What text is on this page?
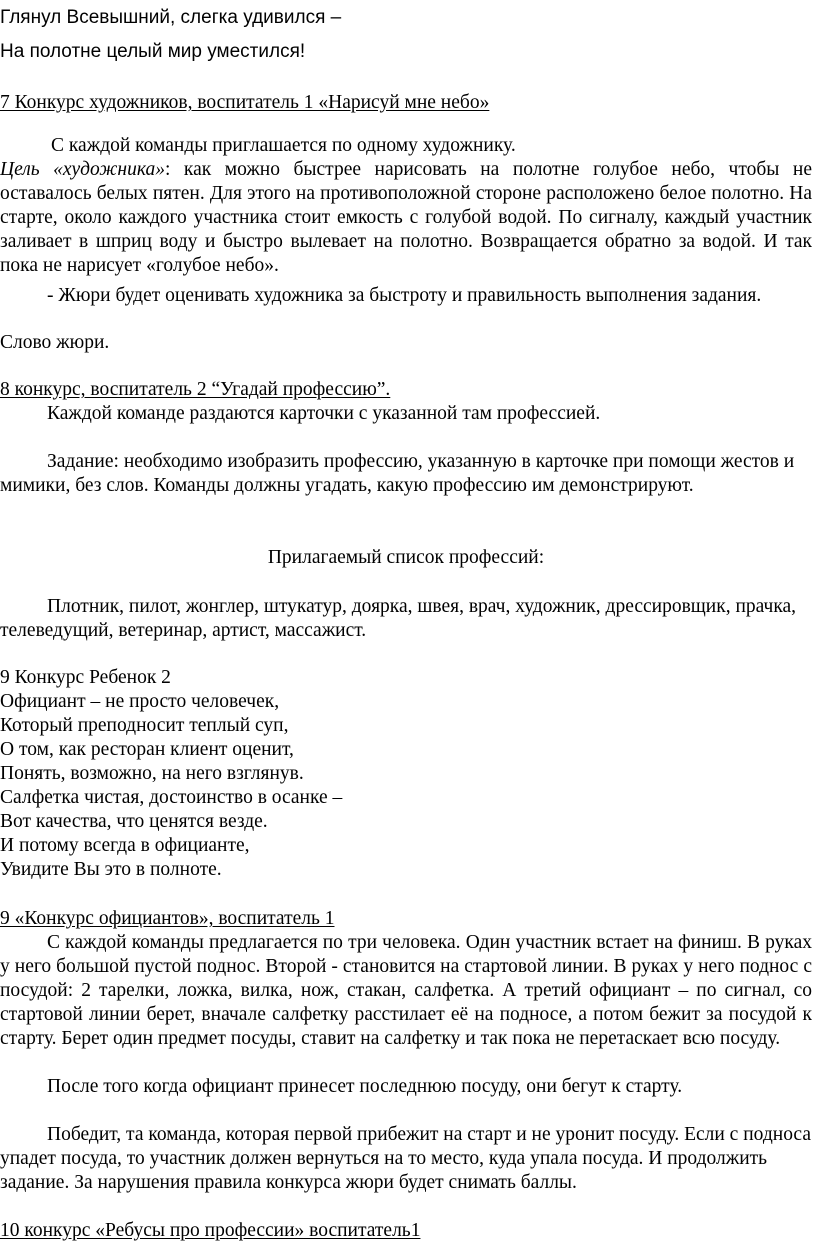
Глянул Всевышний, слегка удивился –
На полотне целый мир уместился!
7 Конкурс художников, воспитатель 1 «Нарисуй мне небо»
С каждой команды приглашается по одному художнику.

Цель «художника»: как можно быстрее нарисовать на полотне голубое небо, чтобы не оставалось белых пятен. Для этого на противоположной стороне расположено белое полотно. На старте, около каждого участника стоит емкость с голубой водой. По сигналу, каждый участник заливает в шприц воду и быстро вылевает на полотно. Возвращается обратно за водой. И так пока не нарисует «голубое небо».

- Жюри будет оценивать художника за быстроту и правильность выполнения задания.
Слово жюри.
8 конкурс, воспитатель 2 “Угадай профессию”.
Каждой команде раздаются карточки с указанной там профессией.

Задание: необходимо изобразить профессию, указанную в карточке при помощи жестов и мимики, без слов. Команды должны угадать, какую профессию им демонстрируют.

Прилагаемый список профессий:

Плотник, пилот, жонглер, штукатур, доярка, швея, врач, художник, дрессировщик, прачка, телеведущий, ветеринар, артист, массажист.

9 Конкурс Ребенок 2
Официант – не просто человечек,
Который преподносит теплый суп,
О том, как ресторан клиент оценит,
Понять, возможно, на него взглянув.
Салфетка чистая, достоинство в осанке –
Вот качества, что ценятся везде.
И потому всегда в официанте,
Увидите Вы это в полноте.
9 «Конкурс официантов», воспитатель 1

С каждой команды предлагается по три человека. Один участник встает на финиш. В руках у него большой пустой поднос. Второй - становится на стартовой линии. В руках у него поднос с посудой: 2 тарелки, ложка, вилка, нож, стакан, салфетка. А третий официант – по сигнал, со стартовой линии берет, вначале салфетку расстилает её на подносе, а потом бежит за посудой к старту. Берет один предмет посуды, ставит на салфетку и так пока не перетаскает всю посуду.

После того когда официант принесет последнюю посуду, они бегут к старту.

Победит, та команда, которая первой прибежит на старт и не уронит посуду. Если с подноса упадет посуда, то участник должен вернуться на то место, куда упала посуда. И продолжить задание. За нарушения правила конкурса жюри будет снимать баллы.

10 конкурс «Ребусы про профессии» воспитатель1
